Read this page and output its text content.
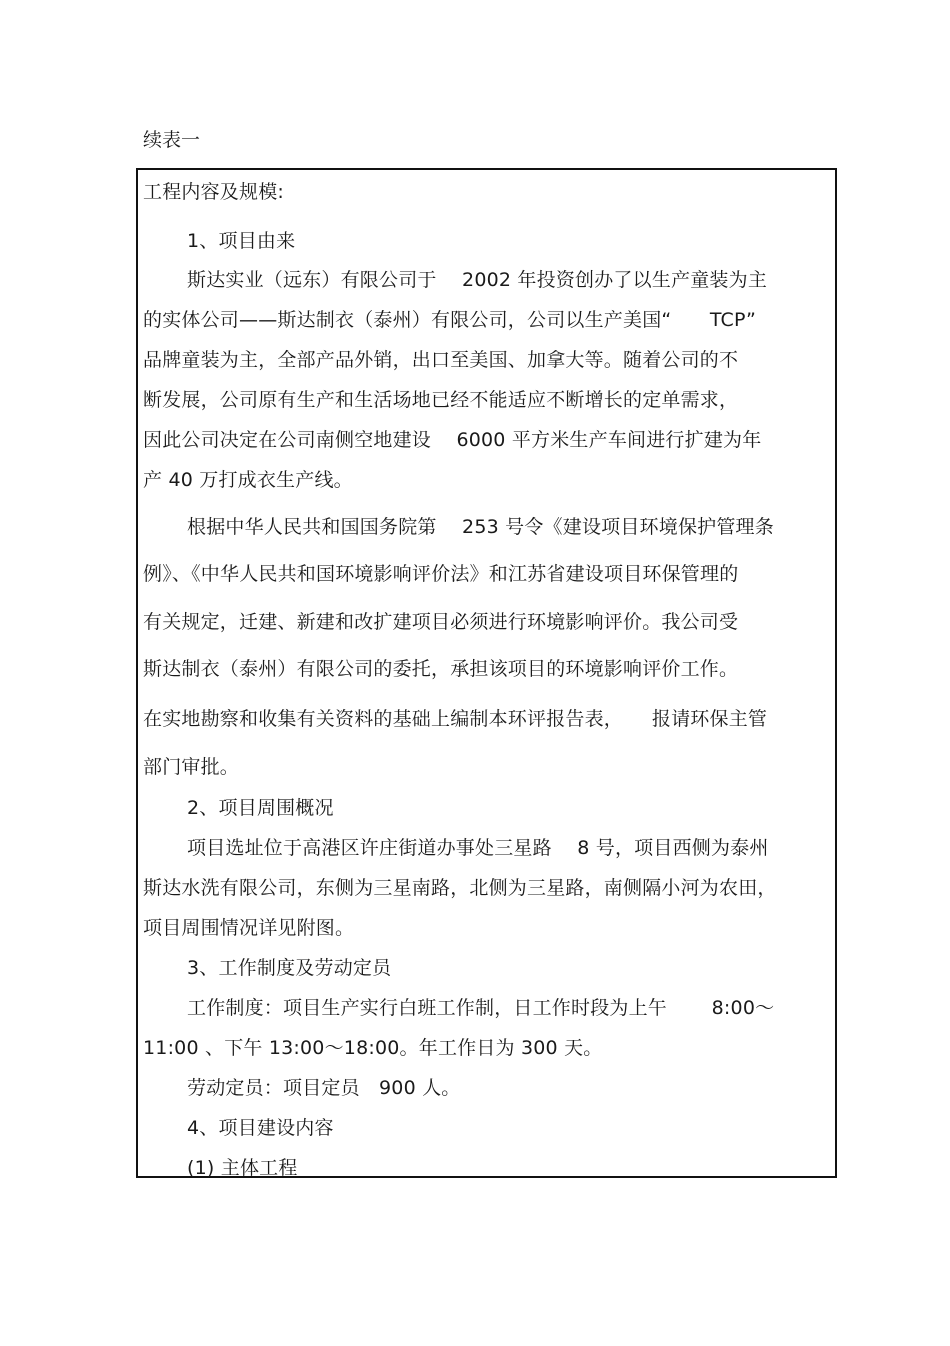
续表一
工程内容及规模:
1、项目由来
斯达实业（远东）有限公司于　 2002 年投资创办了以生产童装为主
的实体公司——斯达制衣（泰州）有限公司，公司以生产美国“　　TCP”
品牌童装为主，全部产品外销，出口至美国、加拿大等。随着公司的不
断发展，公司原有生产和生活场地已经不能适应不断增长的定单需求，
因此公司决定在公司南侧空地建设　 6000 平方米生产车间进行扩建为年
产 40 万打成衣生产线。
根据中华人民共和国国务院第　 253 号令《建设项目环境保护管理条
例》、《中华人民共和国环境影响评价法》和江苏省建设项目环保管理的
有关规定，迁建、新建和改扩建项目必须进行环境影响评价。我公司受
斯达制衣（泰州）有限公司的委托，承担该项目的环境影响评价工作。
在实地勘察和收集有关资料的基础上编制本环评报告表，　　报请环保主管
部门审批。
2、项目周围概况
项目选址位于高港区许庄街道办事处三星路　 8 号，项目西侧为泰州
斯达水洗有限公司，东侧为三星南路，北侧为三星路，南侧隔小河为农田，
项目周围情况详见附图。
3、工作制度及劳动定员
工作制度：项目生产实行白班工作制，日工作时段为上午　　 8:00～
11:00 、下午 13:00～18:00。年工作日为 300 天。
劳动定员：项目定员　900 人。
4、项目建设内容
(1) 主体工程
